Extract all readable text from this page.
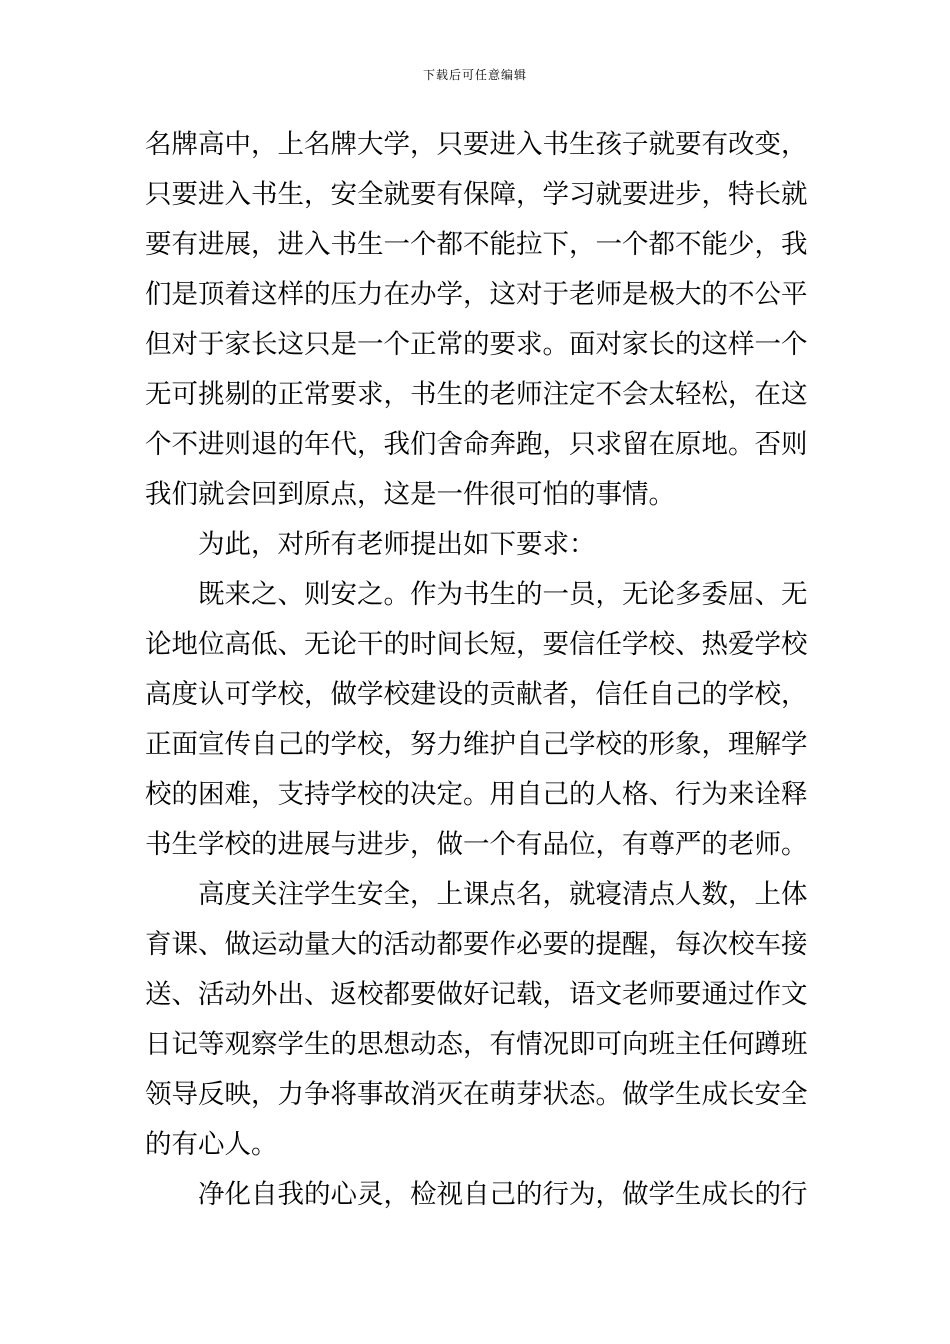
下载后可任意编辑
名牌高中，上名牌大学，只要进入书生孩子就要有改变，
只要进入书生，安全就要有保障，学习就要进步，特长就
要有进展，进入书生一个都不能拉下，一个都不能少，我
们是顶着这样的压力在办学，这对于老师是极大的不公平
但对于家长这只是一个正常的要求。面对家长的这样一个
无可挑剔的正常要求，书生的老师注定不会太轻松，在这
个不进则退的年代，我们舍命奔跑，只求留在原地。否则
我们就会回到原点，这是一件很可怕的事情。
为此，对所有老师提出如下要求：
既来之、则安之。作为书生的一员，无论多委屈、无
论地位高低、无论干的时间长短，要信任学校、热爱学校
高度认可学校，做学校建设的贡献者，信任自己的学校，
正面宣传自己的学校，努力维护自己学校的形象，理解学
校的困难，支持学校的决定。用自己的人格、行为来诠释
书生学校的进展与进步，做一个有品位，有尊严的老师。
高度关注学生安全，上课点名，就寝清点人数，上体
育课、做运动量大的活动都要作必要的提醒，每次校车接
送、活动外出、返校都要做好记载，语文老师要通过作文
日记等观察学生的思想动态，有情况即可向班主任何蹲班
领导反映，力争将事故消灭在萌芽状态。做学生成长安全
的有心人。
净化自我的心灵，检视自己的行为，做学生成长的行
